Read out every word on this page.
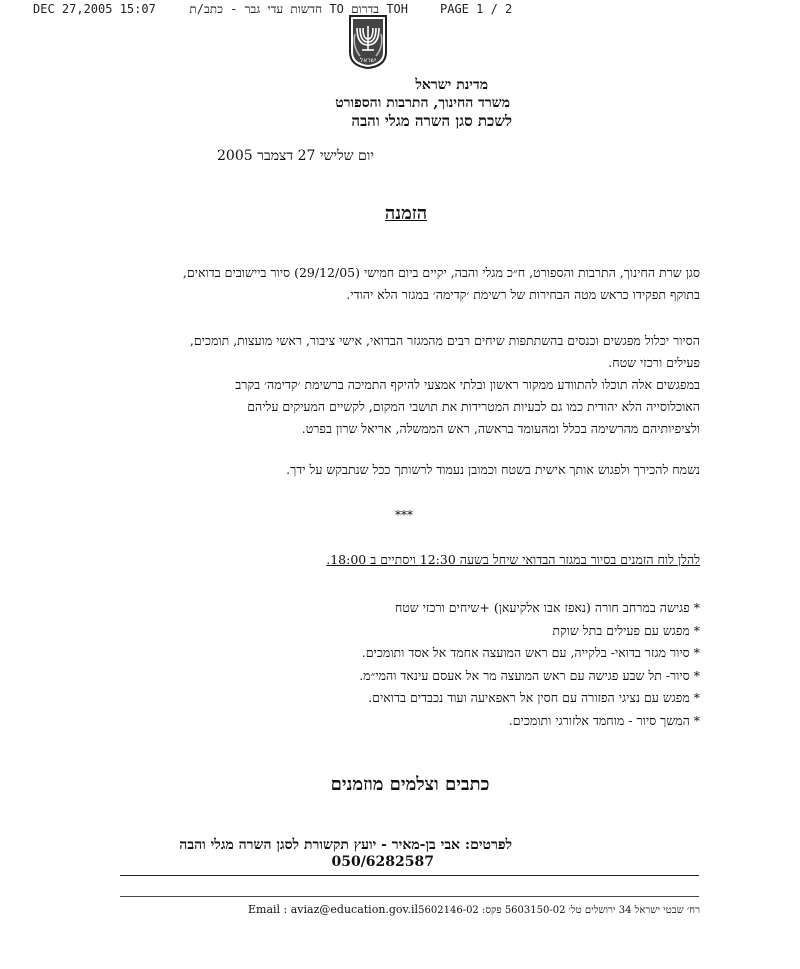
DEC 27,2005 15:07	TOH בדרום TO חדשות עדי גבר - כתב/ת	PAGE 1 / 2
ישראל
מדינת ישראל
משרד החינוך, התרבות והספורט
לשכת סגן השרה מגלי והבה
יום שלישי 27 דצמבר 2005
הזמנה
סגן שרת החינוך, התרבות והספורט, ח״כ מגלי והבה, יקיים ביום חמישי (29/12/05) סיור ביישובים בדואים,
בתוקף תפקידו כראש מטה הבחירות של רשימת ׳קדימה׳ במגזר הלא יהודי.
הסיור יכלול מפגשים וכנסים בהשתתפות שיחים רבים מהמגזר הבדואי, אישי ציבור, ראשי מועצות, תומכים,
פעילים ורכזי שטח.
במפגשים אלה תוכלו להתוודע ממקור ראשון ובלתי אמצעי להיקף התמיכה ברשימת ׳קדימה׳ בקרב
האוכלוסייה הלא יהודית כמו גם לבעיות המטרידות את תושבי המקום, לקשיים המעיקים עליהם
ולציפיותיהם מהרשימה בכלל ומהעומד בראשה, ראש הממשלה, אריאל שרון בפרט.
נשמח להכירך ולפגוש אותך אישית בשטח וכמובן נעמוד לרשותך ככל שנתבקש על ידך.
***
להלן לוח הזמנים בסיור במגזר הבדואי שיחל בשעה 12:30 ויסתיים ב 18:00.
* פגישה במרחב חורה (נאפז אבו אלקיעאן) +שיחים ורכזי שטח
* מפגש עם פעילים בתל שוקת
* סיור מגזר בדואי- בלקייה, עם ראש המועצה אחמד אל אסד ותומכים.
* סיור- תל שבע פגישה עם ראש המועצה מר אל אעסם עינאד והמי״מ.
* מפגש עם נציגי הפזורה עם חסין אל ראפאיעה ועוד נכבדים בדואים.
* המשך סיור - מוחמד אלזורגי ותומכים.
כתבים וצלמים מוזמנים
לפרטים: אבי בן-מאיר - יועץ תקשורת לסגן השרה מגלי והבה
050/6282587
Email : aviaz@education.gov.il רח׳ שבטי ישראל 34 ירושלים טל׳ 5603150-02 פקס: 5602146-02
